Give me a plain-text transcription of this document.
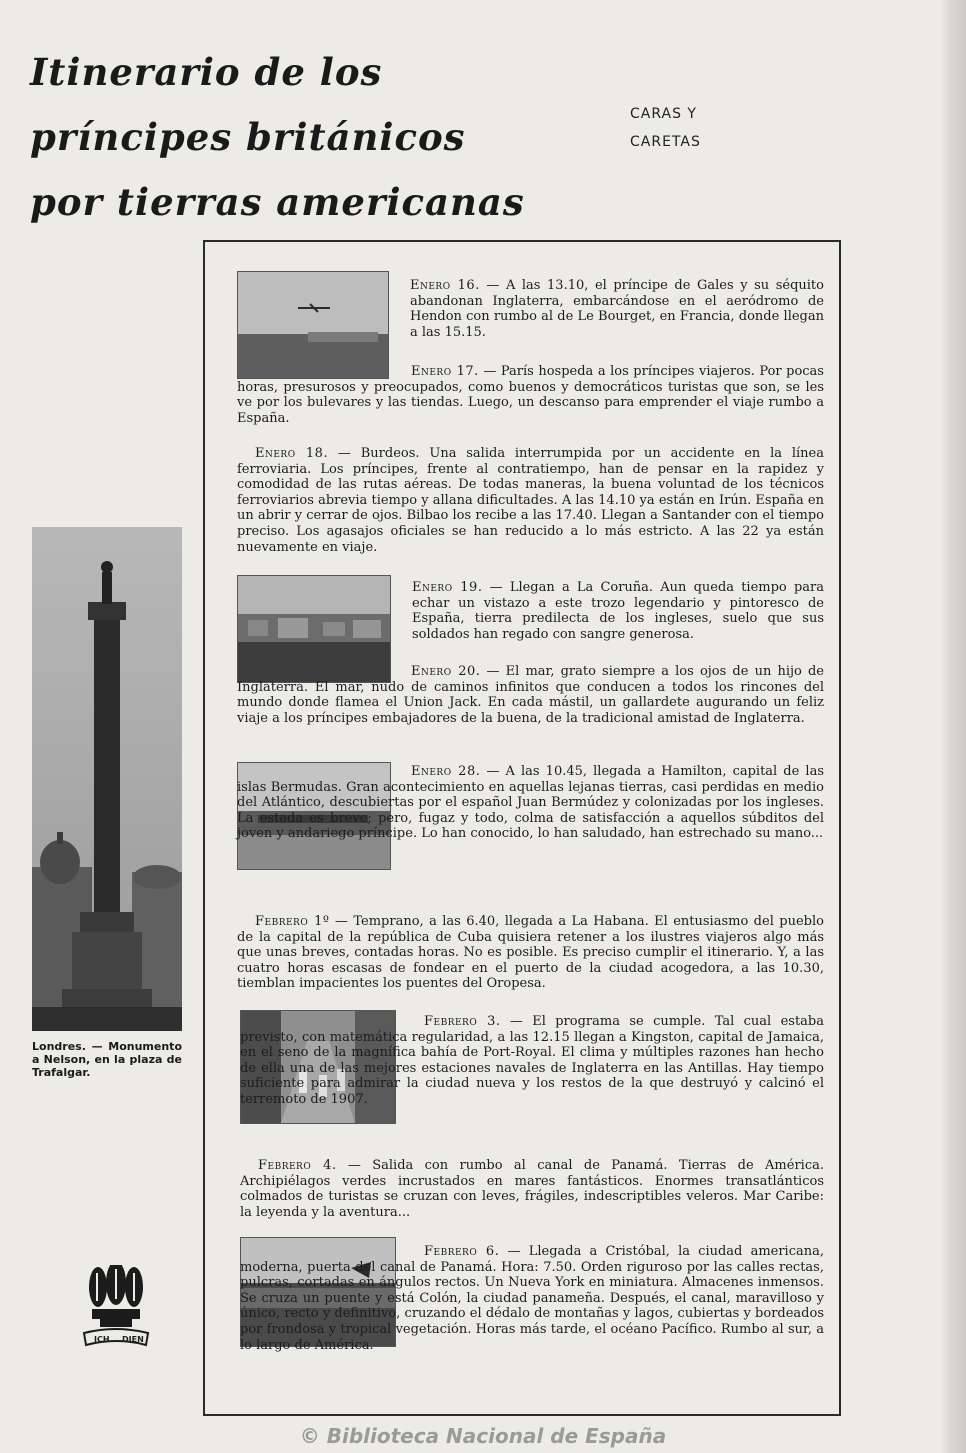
Itinerario de los
príncipes británicos
por tierras americanas
CARAS Y
CARETAS
Londres. — Monumento a Nelson, en la plaza de Trafalgar.
ICH DIEN
Enero 16. — A las 13.10, el príncipe de Gales y su séquito abandonan Inglaterra, embarcándose en el aeródromo de Hendon con rumbo al de Le Bourget, en Francia, donde llegan a las 15.15.
Enero 17. — París hospeda a los príncipes viajeros. Por pocas horas, presurosos y preocupados, como buenos y democráticos turistas que son, se les ve por los bulevares y las tiendas. Luego, un descanso para emprender el viaje rumbo a España.
Enero 18. — Burdeos. Una salida interrumpida por un accidente en la línea ferroviaria. Los príncipes, frente al contratiempo, han de pensar en la rapidez y comodidad de las rutas aéreas. De todas maneras, la buena voluntad de los técnicos ferroviarios abrevia tiempo y allana dificultades. A las 14.10 ya están en Irún. España en un abrir y cerrar de ojos. Bilbao los recibe a las 17.40. Llegan a Santander con el tiempo preciso. Los agasajos oficiales se han reducido a lo más estricto. A las 22 ya están nuevamente en viaje.
Enero 19. — Llegan a La Coruña. Aun queda tiempo para echar un vistazo a este trozo legendario y pintoresco de España, tierra predilecta de los ingleses, suelo que sus soldados han regado con sangre generosa.
Enero 20. — El mar, grato siempre a los ojos de un hijo de Inglaterra. El mar, nudo de caminos infinitos que conducen a todos los rincones del mundo donde flamea el Union Jack. En cada mástil, un gallardete augurando un feliz viaje a los príncipes embajadores de la buena, de la tradicional amistad de Inglaterra.
Enero 28. — A las 10.45, llegada a Hamilton, capital de las islas Bermudas. Gran acontecimiento en aquellas lejanas tierras, casi perdidas en medio del Atlántico, descubiertas por el español Juan Bermúdez y colonizadas por los ingleses. La estada es breve; pero, fugaz y todo, colma de satisfacción a aquellos súbditos del joven y andariego príncipe. Lo han conocido, lo han saludado, han estrechado su mano...
Febrero 1º — Temprano, a las 6.40, llegada a La Habana. El entusiasmo del pueblo de la capital de la república de Cuba quisiera retener a los ilustres viajeros algo más que unas breves, contadas horas. No es posible. Es preciso cumplir el itinerario. Y, a las cuatro horas escasas de fondear en el puerto de la ciudad acogedora, a las 10.30, tiemblan impacientes los puentes del Oropesa.
Febrero 3. — El programa se cumple. Tal cual estaba previsto, con matemática regularidad, a las 12.15 llegan a Kingston, capital de Jamaica, en el seno de la magnífica bahía de Port-Royal. El clima y múltiples razones han hecho de ella una de las mejores estaciones navales de Inglaterra en las Antillas. Hay tiempo suficiente para admirar la ciudad nueva y los restos de la que destruyó y calcinó el terremoto de 1907.
Febrero 4. — Salida con rumbo al canal de Panamá. Tierras de América. Archipiélagos verdes incrustados en mares fantásticos. Enormes transatlánticos colmados de turistas se cruzan con leves, frágiles, indescriptibles veleros. Mar Caribe: la leyenda y la aventura...
Febrero 6. — Llegada a Cristóbal, la ciudad americana, moderna, puerta del canal de Panamá. Hora: 7.50. Orden riguroso por las calles rectas, pulcras, cortadas en ángulos rectos. Un Nueva York en miniatura. Almacenes inmensos. Se cruza un puente y está Colón, la ciudad panameña. Después, el canal, maravilloso y único, recto y definitivo, cruzando el dédalo de montañas y lagos, cubiertas y bordeados por frondosa y tropical vegetación. Horas más tarde, el océano Pacífico. Rumbo al sur, a lo largo de América.
© Biblioteca Nacional de España
